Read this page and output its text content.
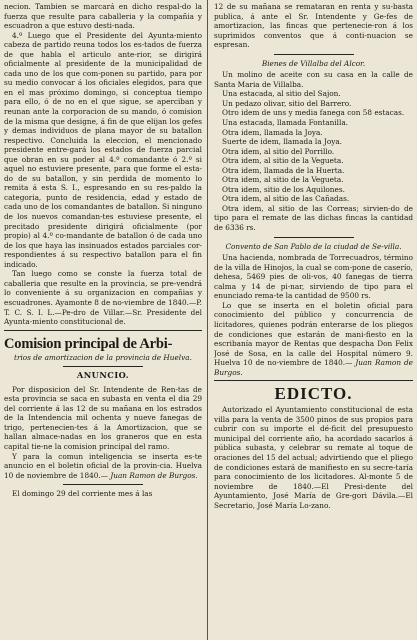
necion. Tambien se marcará en dicho respal-do la fuerza que resulte para caballeria y la compañia y escuadron a que estuvo desti-nada.

4.º Luego que el Presidente del Ayunta-miento cabeza de partido reuna todos los es-tados de fuerza de que habla el articulo ante-rior, se dirigirá oficialmente al presidente de la municipalidad de cada uno de los que com-ponen su partido, para por su medio convocar á los oficiales elegidos, para que en el mas próximo domingo, si conceptua tiempo para ello, ó de no en el que sigue, se aperciban y reunan ante la corporacion de su mando, ó comision de la misma que designe, á fin de que elijan los gefes y demas individuos de plana mayor de su batallon respectivo. Concluida la eleccion, el mencionado presidente entre-gará los estados de fuerza parcial que obran en su poder al 4.º comandante ó 2.º si aquel no estuviere presente, para que forme el esta-do de su batallon, y sin perdida de momento lo remita á esta S. I., espresando en su res-paldo la categoria, punto de residencia, edad y estado de cada uno de los comandantes de batallon. Si ninguno de los nuevos comandan-tes estuviese presente, el precitado presidente dirigirá oficialmente (por propio) al 4.º co-mandante de batallon ó de cada uno de los que haya las insinuados estados parciales cor-respondientes á su respectivo batallon para el fin indicado.

Tan luego como se conste la fuerza total de caballeria que resulte en la provincia, se pre-vendrá lo conveniente á su organizacion en compañias y escuadrones. Ayamonte 8 de no-viembre de 1840.—P. T. C. S. I. L.—Pe-dro de Villar.—Sr. Presidente del Ayunta-miento constitucional de.

Comision principal de Arbi-
trios de amortizacion de la provincia de Huelva.
ANUNCIO.

Por disposicion del Sr. Intendente de Ren-tas de esta provincia se saca en subasta en venta el dia 29 del corriente á las 12 de su mañana en los estrados de la Intendencia mil ochenta y nueve fanegas de trigo, pertenecien-tes á la Amortizacion, que se hallan almace-nadas en los graneros que en esta capital tie-ne la comision principal del ramo.

Y para la comun inteligencia se inserta es-te anuncio en el boletin oficial de la provin-cia. Huelva 10 de noviembre de 1840.— Juan Ramon de Burgos.

El domingo 29 del corriente mes á las

12 de su mañana se remataran en renta y su-basta publica, á ante el Sr. Intendente y Ge-fes de amortizacion, las fincas que pertenecie-ron á los suprimidos conventos que á conti-nuacion se espresan.

Bienes de Villalba del Alcor.

Un molino de aceite con su casa en la calle de Santa Maria de Villalba.

Una estacada, al sitio del Sajon.
Un pedazo olivar, sitio del Barrero.
Otro idem de uns y media fanega con 58 estacas.
Una estacada, llamada Fontanilla.
Otra idem, llamada la Joya.
Suerte de idem, llamada la Joya.
Otra idem, al sitio del Porrillo.
Otra idem, al sitio de la Vegueta.
Otra idem, llamada de la Huerta.
Otra idem, al sitio de la Vegueta.
Otra idem, sitio de los Aquilones.
Otra idem, al sitio de las Cañadas.
Otra idem, al sitio de las Correas; sirvien-do de tipo para el remate de las dichas fincas la cantidad de 6336 rs.
Convento de San Pablo de la ciudad de Se-villa.

Una hacienda, nombrada de Torrecuadros, término de la villa de Hinojos, la cual se com-pone de caserío, dehesa, 5469 pies de oli-vos, 40 fanegas de tierra calma y 14 de pi-nar, sirviendo de tipo para el enunciado rema-te la cantidad de 9500 rs.

Lo que se inserta en el boletin oficial para conocimiento del público y concurrencia de licitadores, quienes podrán enterarse de los pliegos de condiciones que estarán de mani-fiesto en la escribanía mayor de Rentas que despacha Don Felix José de Sosa, en la calle del Hospital número 9. Huelva 10 de no-viembre de 1840.— Juan Ramon de Burgos.

EDICTO.

Autorizado el Ayuntamiento constitucional de esta villa para la venta de 3500 pinos de sus propios para cubrir con su importe el dé-ficit del presupuesto municipal del corriente año, ha acordado sacarlos á pública subasta, y celebrar su remate al toque de oraciones del 15 del actual; advirtiendo que el pliego de condiciones estará de manifiesto en su secre-taría para conocimiento de los licitadores. Al-monte 5 de noviembre de 1840.—El Presi-dente del Ayuntamiento, José María de Gre-gori Dávila.—El Secretario, José María Lo-zano.
